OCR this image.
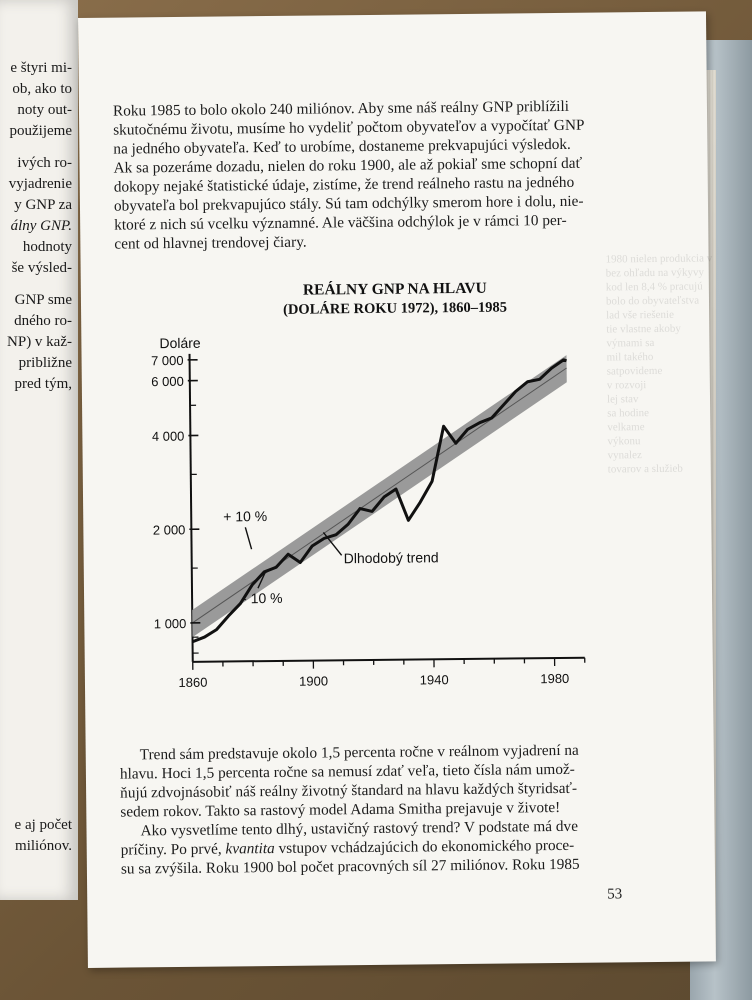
e štyri mi-
ob, ako to
noty out-
použijeme
ivých ro-
vyjadrenie
y GNP za
álny GNP.
hodnoty
še výsled-
GNP sme
dného ro-
NP) v kaž-
približne
pred tým,
e aj počet
miliónov.
1980 nielen produkcia v
bez ohľadu na výkyvy
kod len 8,4 % pracujú
bolo do obyvateľstva
lad vše riešenie
tie vlastne akoby
výmami sa
mil takého
satpovideme
v rozvoji
lej stav
sa hodine
velkame
výkonu
vynalez
tovarov a služieb
Roku 1985 to bolo okolo 240 miliónov. Aby sme náš reálny GNP priblížili
skutočnému životu, musíme ho vydeliť počtom obyvateľov a vypočítať GNP
na jedného obyvateľa. Keď to urobíme, dostaneme prekvapujúci výsledok.
Ak sa pozeráme dozadu, nielen do roku 1900, ale až pokiaľ sme schopní dať
dokopy nejaké štatistické údaje, zistíme, že trend reálneho rastu na jedného
obyvateľa bol prekvapujúco stály. Sú tam odchýlky smerom hore i dolu, nie-
ktoré z nich sú vcelku významné. Ale väčšina odchýlok je v rámci 10 per-
cent od hlavnej trendovej čiary.
REÁLNY GNP NA HLAVU
(DOLÁRE ROKU 1972), 1860–1985
Doláre
1 000
2 000
4 000
6 000
7 000
1860	1900	1940	1980
+ 10 %
- 10 %
Dlhodobý trend
Trend sám predstavuje okolo 1,5 percenta ročne v reálnom vyjadrení na
hlavu. Hoci 1,5 percenta ročne sa nemusí zdať veľa, tieto čísla nám umož-
ňujú zdvojnásobiť náš reálny životný štandard na hlavu každých štyridsať-
sedem rokov. Takto sa rastový model Adama Smitha prejavuje v živote!
Ako vysvetlíme tento dlhý, ustavičný rastový trend? V podstate má dve
príčiny. Po prvé, kvantita vstupov vchádzajúcich do ekonomického proce-
su sa zvýšila. Roku 1900 bol počet pracovných síl 27 miliónov. Roku 1985
53
